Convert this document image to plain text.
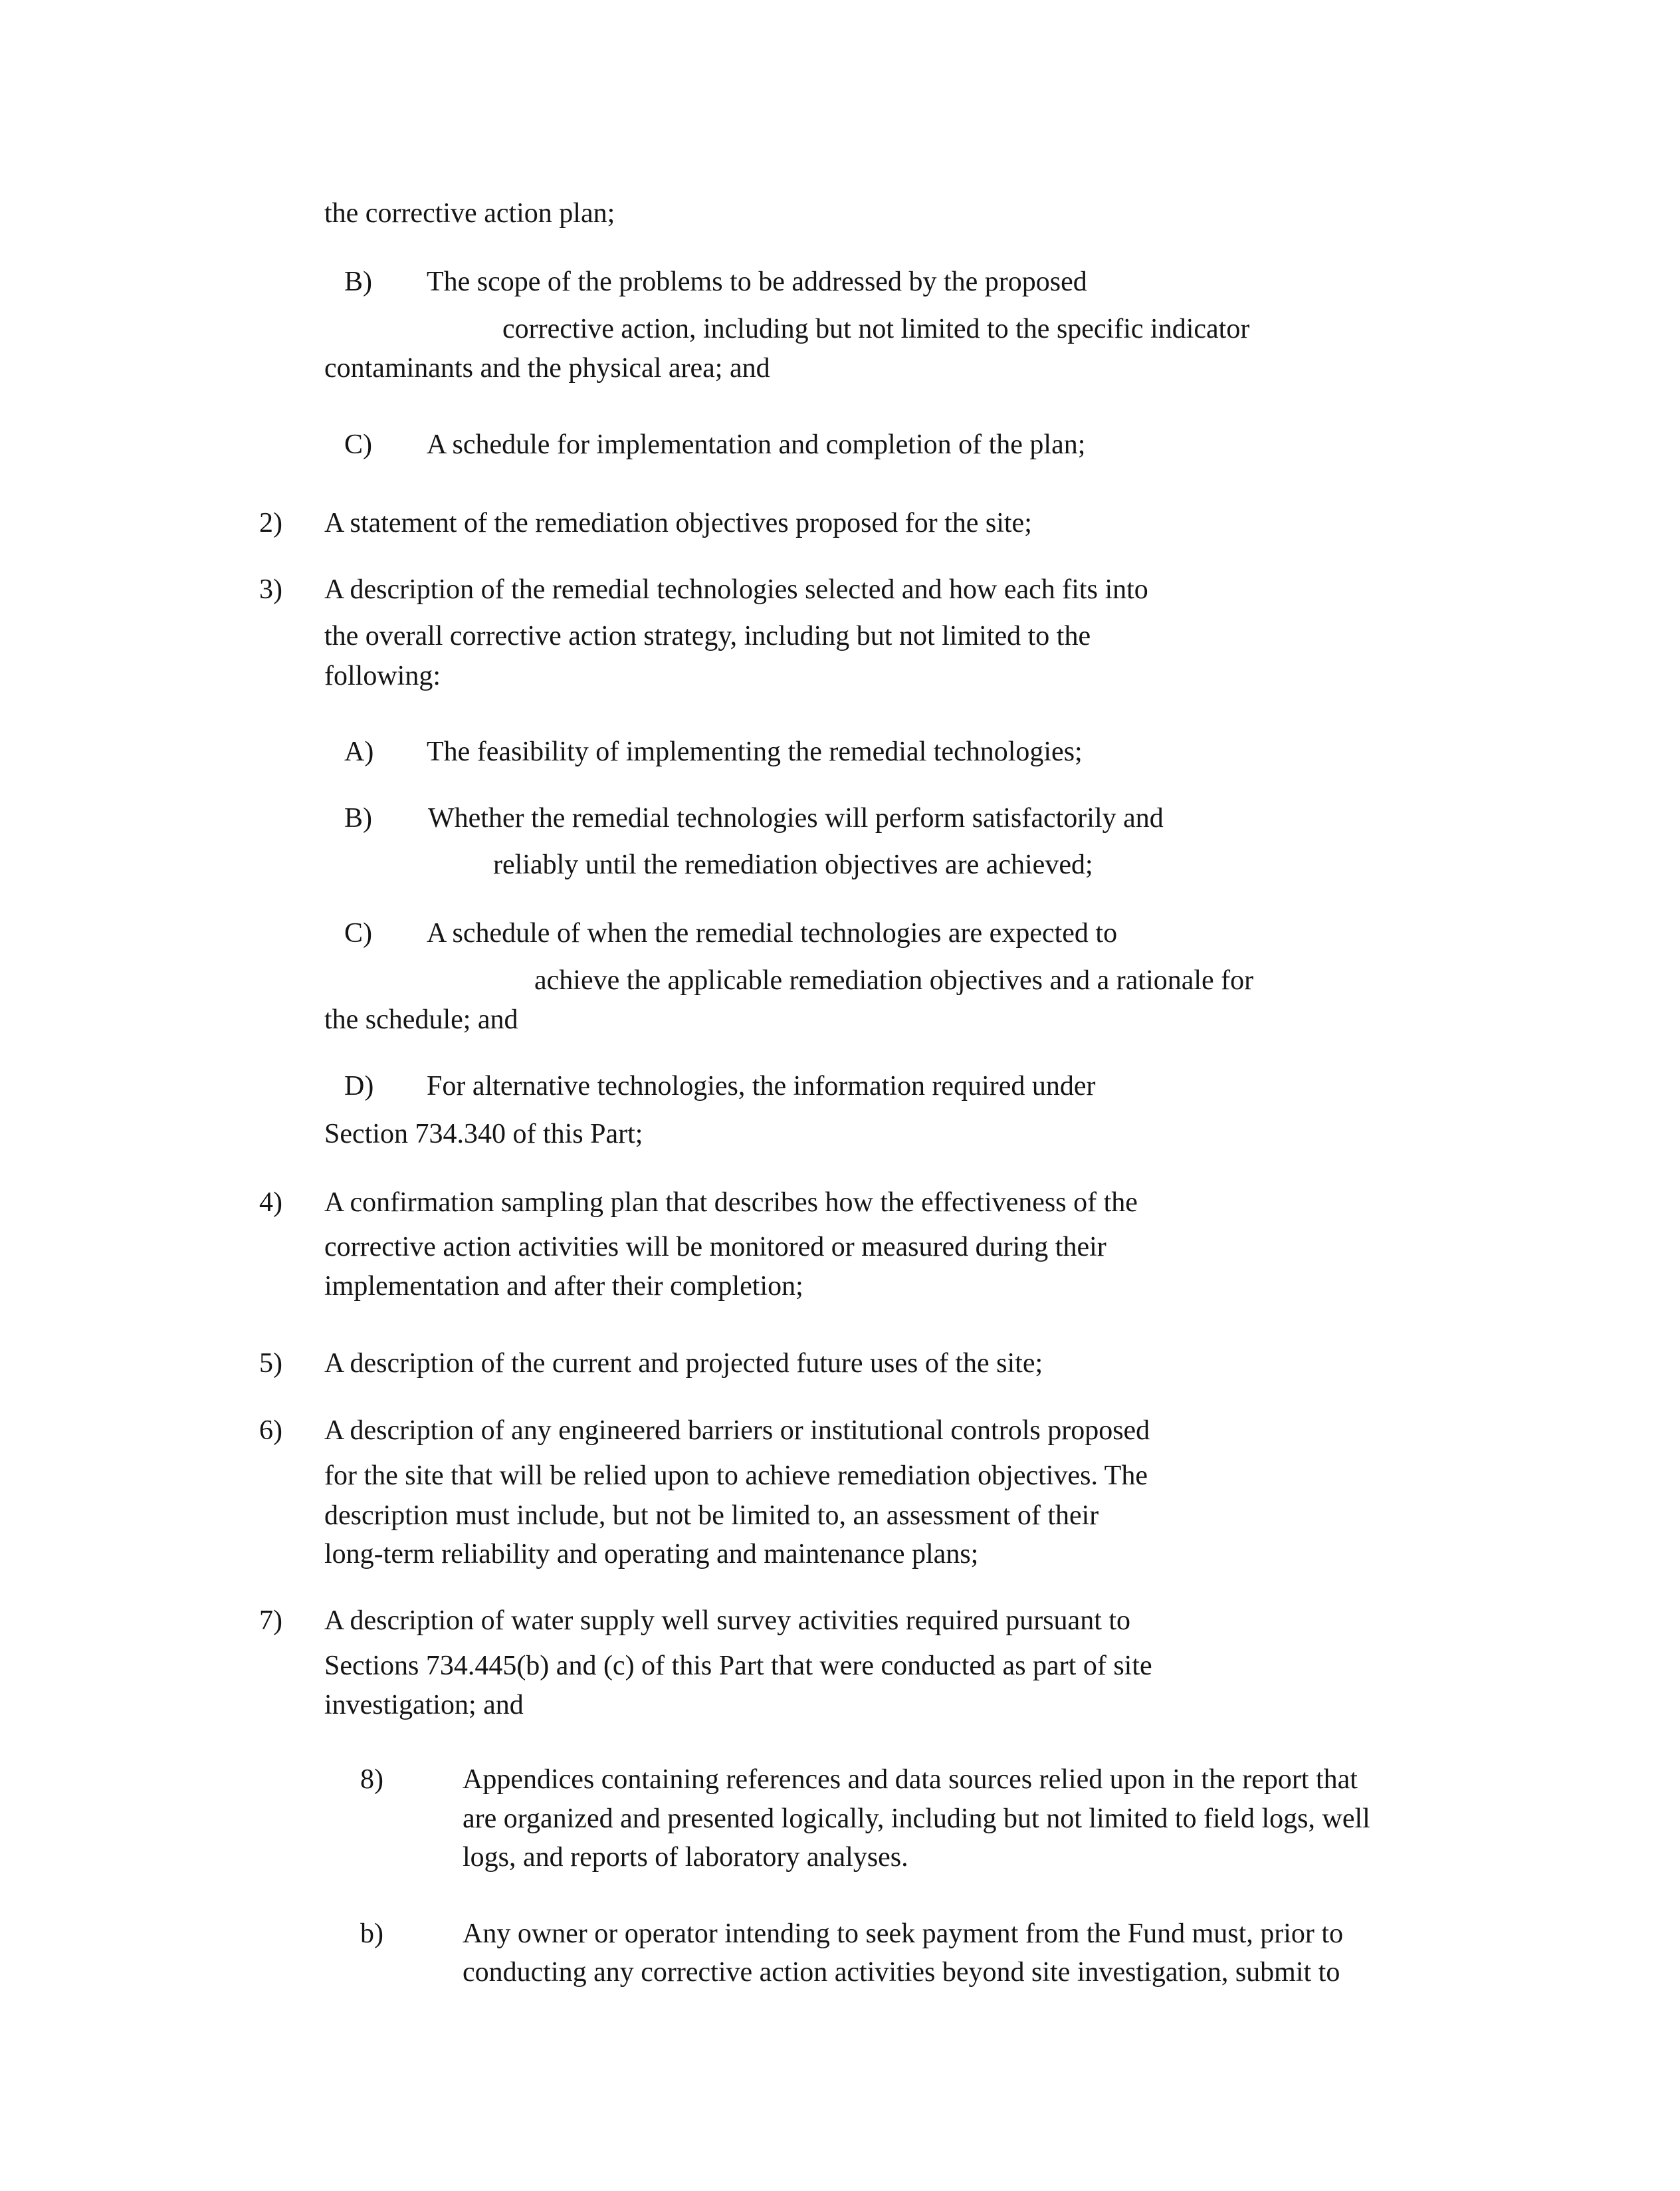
the corrective action plan;
B) The scope of the problems to be addressed by the proposed
corrective action, including but not limited to the specific indicator
contaminants and the physical area; and
C) A schedule for implementation and completion of the plan;
2) A statement of the remediation objectives proposed for the site;
3) A description of the remedial technologies selected and how each fits into
the overall corrective action strategy, including but not limited to the
following:
A) The feasibility of implementing the remedial technologies;
B) Whether the remedial technologies will perform satisfactorily and
reliably until the remediation objectives are achieved;
C) A schedule of when the remedial technologies are expected to
achieve the applicable remediation objectives and a rationale for
the schedule; and
D) For alternative technologies, the information required under
Section 734.340 of this Part;
4) A confirmation sampling plan that describes how the effectiveness of the
corrective action activities will be monitored or measured during their
implementation and after their completion;
5) A description of the current and projected future uses of the site;
6) A description of any engineered barriers or institutional controls proposed
for the site that will be relied upon to achieve remediation objectives. The
description must include, but not be limited to, an assessment of their
long-term reliability and operating and maintenance plans;
7) A description of water supply well survey activities required pursuant to
Sections 734.445(b) and (c) of this Part that were conducted as part of site
investigation; and
8)	Appendices containing references and data sources relied upon in the report that
are organized and presented logically, including but not limited to field logs, well
logs, and reports of laboratory analyses.
b)	Any owner or operator intending to seek payment from the Fund must, prior to
conducting any corrective action activities beyond site investigation, submit to
